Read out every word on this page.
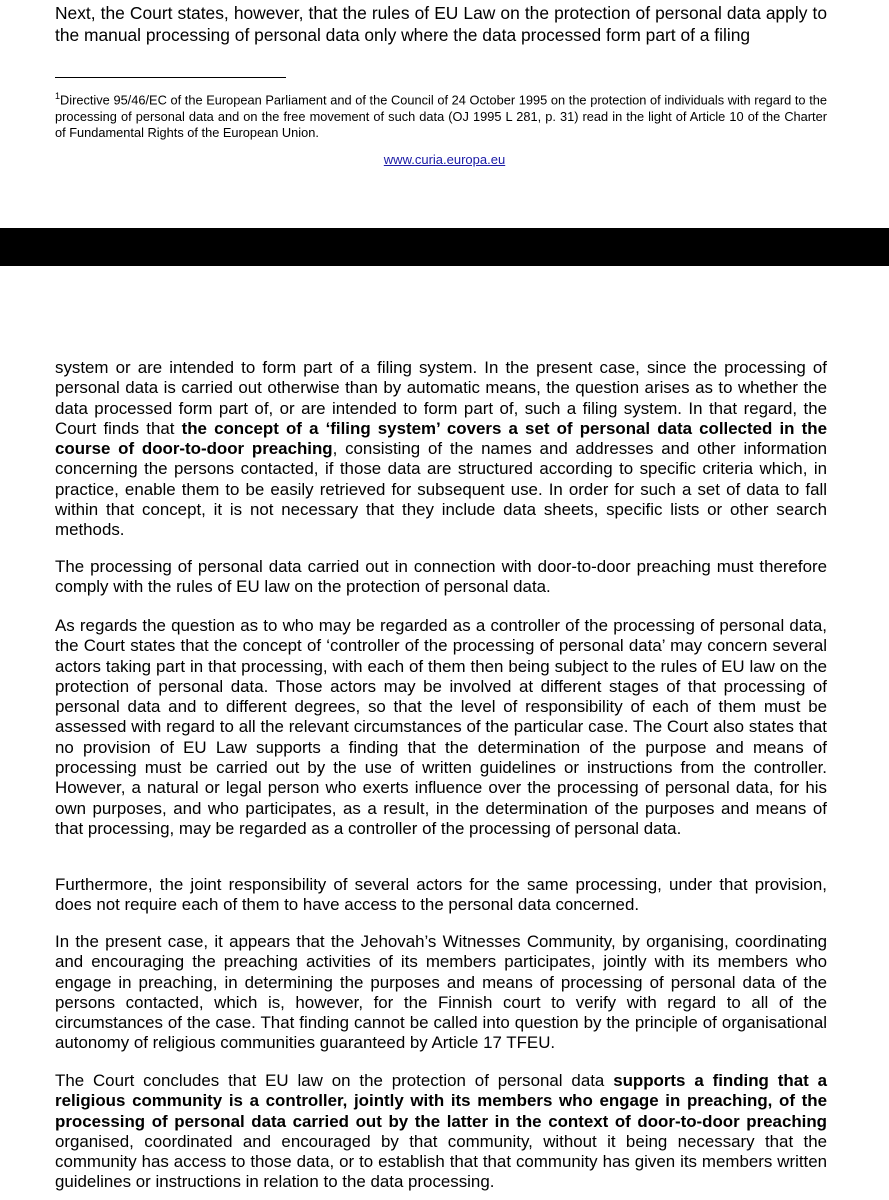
Next, the Court states, however, that the rules of EU Law on the protection of personal data apply to the manual processing of personal data only where the data processed form part of a filing

$^1$Directive 95/46/EC of the European Parliament and of the Council of 24 October 1995 on the protection of individuals with regard to the processing of personal data and on the free movement of such data (OJ 1995 L 281, p. 31) read in the light of Article 10 of the Charter of Fundamental Rights of the European Union.

www.curia.europa.eu

system or are intended to form part of a filing system. In the present case, since the processing of personal data is carried out otherwise than by automatic means, the question arises as to whether the data processed form part of, or are intended to form part of, such a filing system. In that regard, the Court finds that the concept of a ‘filing system’ covers a set of personal data collected in the course of door-to-door preaching, consisting of the names and addresses and other information concerning the persons contacted, if those data are structured according to specific criteria which, in practice, enable them to be easily retrieved for subsequent use. In order for such a set of data to fall within that concept, it is not necessary that they include data sheets, specific lists or other search methods.

The processing of personal data carried out in connection with door-to-door preaching must therefore comply with the rules of EU law on the protection of personal data.

As regards the question as to who may be regarded as a controller of the processing of personal data, the Court states that the concept of ‘controller of the processing of personal data’ may concern several actors taking part in that processing, with each of them then being subject to the rules of EU law on the protection of personal data. Those actors may be involved at different stages of that processing of personal data and to different degrees, so that the level of responsibility of each of them must be assessed with regard to all the relevant circumstances of the particular case. The Court also states that no provision of EU Law supports a finding that the determination of the purpose and means of processing must be carried out by the use of written guidelines or instructions from the controller. However, a natural or legal person who exerts influence over the processing of personal data, for his own purposes, and who participates, as a result, in the determination of the purposes and means of that processing, may be regarded as a controller of the processing of personal data.

Furthermore, the joint responsibility of several actors for the same processing, under that provision, does not require each of them to have access to the personal data concerned.

In the present case, it appears that the Jehovah’s Witnesses Community, by organising, coordinating and encouraging the preaching activities of its members participates, jointly with its members who engage in preaching, in determining the purposes and means of processing of personal data of the persons contacted, which is, however, for the Finnish court to verify with regard to all of the circumstances of the case. That finding cannot be called into question by the principle of organisational autonomy of religious communities guaranteed by Article 17 TFEU.

The Court concludes that EU law on the protection of personal data supports a finding that a religious community is a controller, jointly with its members who engage in preaching, of the processing of personal data carried out by the latter in the context of door-to-door preaching organised, coordinated and encouraged by that community, without it being necessary that the community has access to those data, or to establish that that community has given its members written guidelines or instructions in relation to the data processing.
